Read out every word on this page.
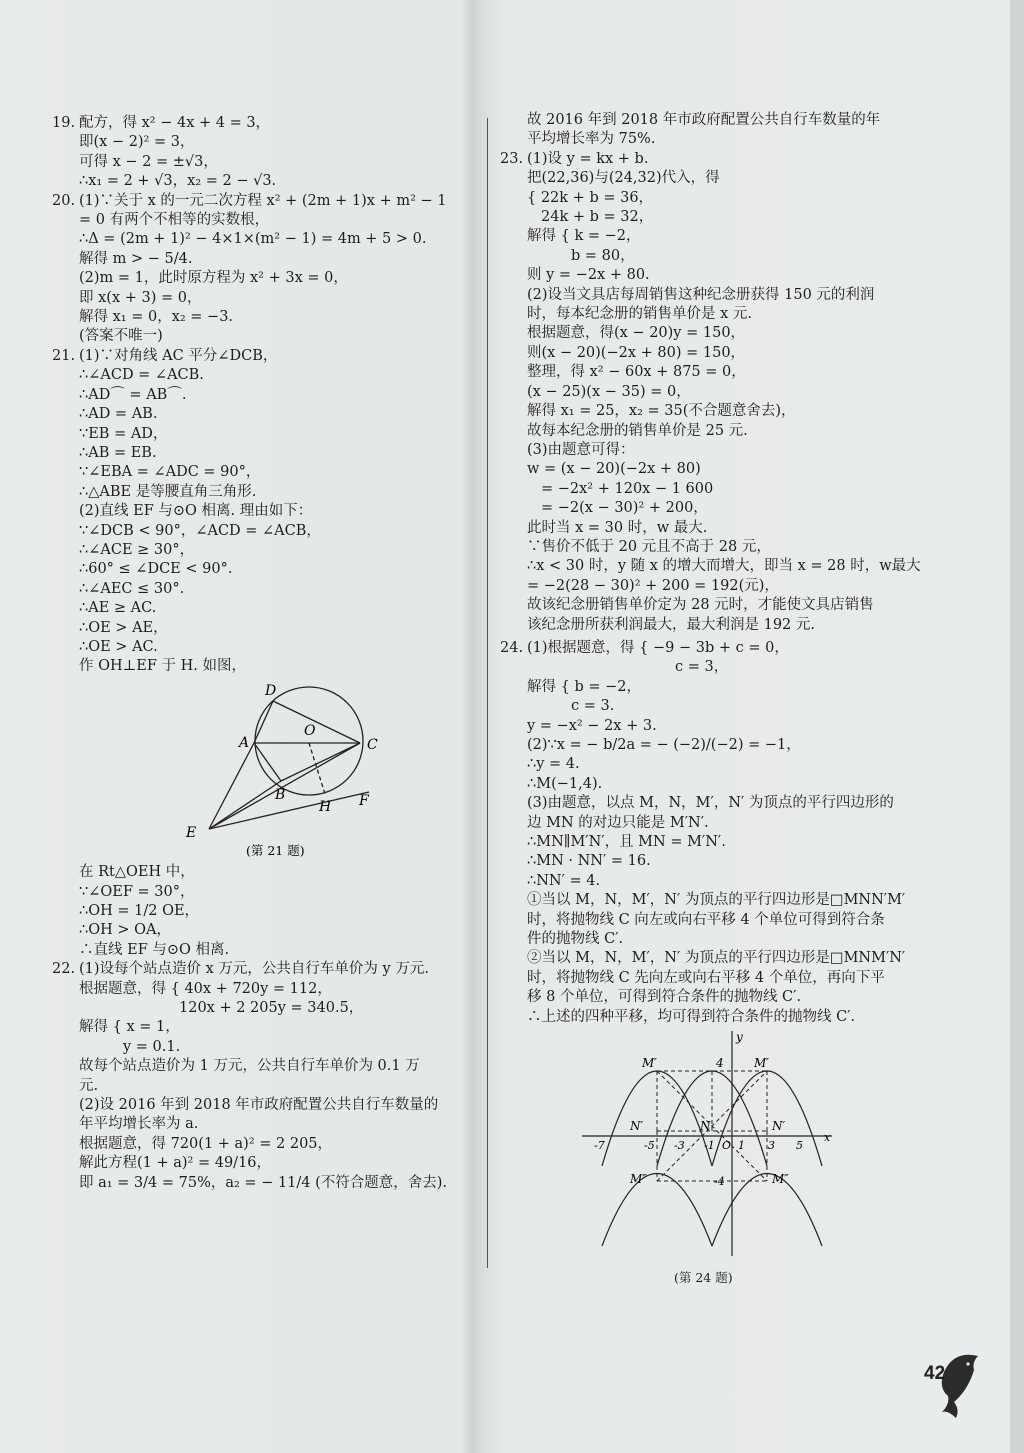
19. 配方，得 x² − 4x + 4 = 3，
即(x − 2)² = 3，
可得 x − 2 = ±√3，
∴x₁ = 2 + √3，x₂ = 2 − √3.
20. (1)∵关于 x 的一元二次方程 x² + (2m + 1)x + m² − 1
= 0 有两个不相等的实数根，
∴Δ = (2m + 1)² − 4×1×(m² − 1) = 4m + 5 > 0.
解得 m > − 5/4.
(2)m = 1，此时原方程为 x² + 3x = 0，
即 x(x + 3) = 0，
解得 x₁ = 0，x₂ = −3.
(答案不唯一)
21. (1)∵对角线 AC 平分∠DCB，
∴∠ACD = ∠ACB.
∴AD⌒ = AB⌒.
∴AD = AB.
∵EB = AD，
∴AB = EB.
∵∠EBA = ∠ADC = 90°，
∴△ABE 是等腰直角三角形.
(2)直线 EF 与⊙O 相离. 理由如下：
∵∠DCB < 90°，∠ACD = ∠ACB，
∴∠ACE ≥ 30°，
∴60° ≤ ∠DCE < 90°.
∴∠AEC ≤ 30°.
∴AE ≥ AC.
∴OE > AE，
∴OE > AC.
作 OH⊥EF 于 H. 如图，
D
O
A	C
B
H F
E
(第 21 题)
在 Rt△OEH 中，
∵∠OEF = 30°，
∴OH = 1/2 OE，
∴OH > OA，
∴直线 EF 与⊙O 相离.
22. (1)设每个站点造价 x 万元，公共自行车单价为 y 万元.
根据题意，得 { 40x + 720y = 112，
120x + 2 205y = 340.5，
解得 { x = 1，
y = 0.1.
故每个站点造价为 1 万元，公共自行车单价为 0.1 万
元.
(2)设 2016 年到 2018 年市政府配置公共自行车数量的
年平均增长率为 a.
根据题意，得 720(1 + a)² = 2 205，
解此方程(1 + a)² = 49/16，
即 a₁ = 3/4 = 75%，a₂ = − 11/4 (不符合题意，舍去).
故 2016 年到 2018 年市政府配置公共自行车数量的年
平均增长率为 75%.
23. (1)设 y = kx + b.
把(22,36)与(24,32)代入，得
{ 22k + b = 36，
24k + b = 32，
解得 { k = −2，
b = 80，
则 y = −2x + 80.
(2)设当文具店每周销售这种纪念册获得 150 元的利润
时，每本纪念册的销售单价是 x 元.
根据题意，得(x − 20)y = 150，
则(x − 20)(−2x + 80) = 150，
整理，得 x² − 60x + 875 = 0，
(x − 25)(x − 35) = 0，
解得 x₁ = 25，x₂ = 35(不合题意舍去)，
故每本纪念册的销售单价是 25 元.
(3)由题意可得：
w = (x − 20)(−2x + 80)
= −2x² + 120x − 1 600
= −2(x − 30)² + 200，
此时当 x = 30 时，w 最大.
∵售价不低于 20 元且不高于 28 元，
∴x < 30 时，y 随 x 的增大而增大，即当 x = 28 时，w最大
= −2(28 − 30)² + 200 = 192(元)，
故该纪念册销售单价定为 28 元时，才能使文具店销售
该纪念册所获利润最大，最大利润是 192 元.
24. (1)根据题意，得 { −9 − 3b + c = 0，
c = 3，
解得 { b = −2，
c = 3.
y = −x² − 2x + 3.
(2)∵x = − b/2a = − (−2)/(−2) = −1，
∴y = 4.
∴M(−1,4).
(3)由题意，以点 M，N，M′，N′ 为顶点的平行四边形的
边 MN 的对边只能是 M′N′.
∴MN∥M′N′，且 MN = M′N′.
∴MN · NN′ = 16.
∴NN′ = 4.
①当以 M，N，M′，N′ 为顶点的平行四边形是□MNN′M′
时，将抛物线 C 向左或向右平移 4 个单位可得到符合条
件的抛物线 C′.
②当以 M，N，M′，N′ 为顶点的平行四边形是□MNM′N′
时，将抛物线 C 先向左或向右平移 4 个单位，再向下平
移 8 个单位，可得到符合条件的抛物线 C′.
∴上述的四种平移，均可得到符合条件的抛物线 C′.
y
M′	4	M′
N′	N	N′
-7	-5 -3 -1 O 1 3 5
x
M″	-4	M″
(第 24 题)
42
